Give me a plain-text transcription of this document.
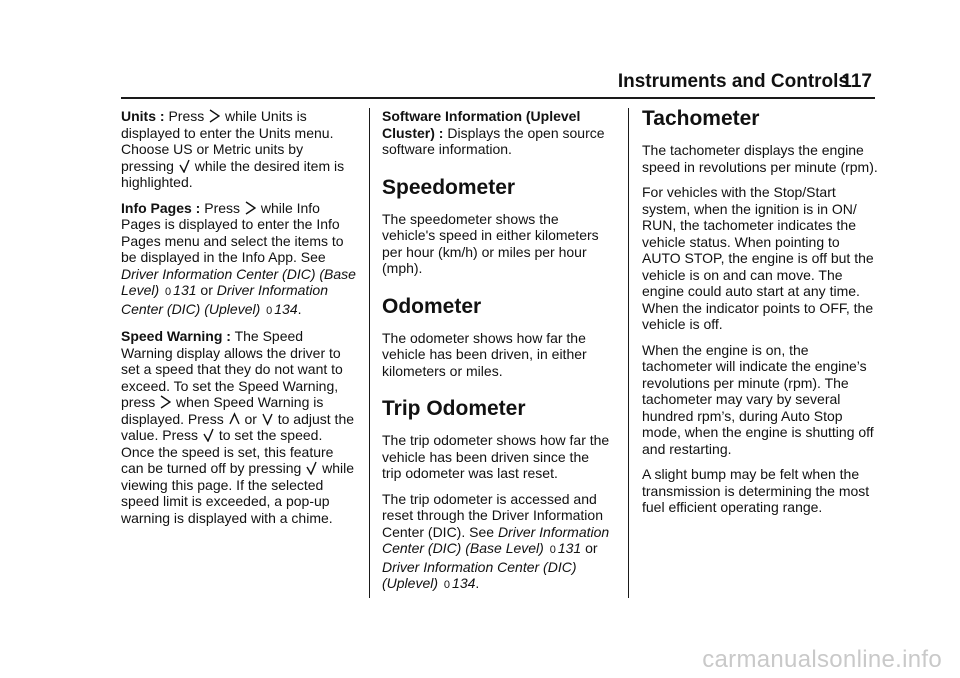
Instruments and Controls
117

Units : Press while Units is displayed to enter the Units menu. Choose US or Metric units by pressing while the desired item is highlighted.

Info Pages : Press while Info Pages is displayed to enter the Info Pages menu and select the items to be displayed in the Info App. See Driver Information Center (DIC) (Base Level) 0 131 or Driver Information Center (DIC) (Uplevel) 0 134.

Speed Warning : The Speed Warning display allows the driver to set a speed that they do not want to exceed. To set the Speed Warning, press when Speed Warning is displayed. Press or to adjust the value. Press to set the speed. Once the speed is set, this feature can be turned off by pressing while viewing this page. If the selected speed limit is exceeded, a pop-up warning is displayed with a chime.

Software Information (Uplevel Cluster) : Displays the open source software information.

Speedometer

The speedometer shows the vehicle's speed in either kilometers per hour (km/h) or miles per hour (mph).

Odometer

The odometer shows how far the vehicle has been driven, in either kilometers or miles.

Trip Odometer

The trip odometer shows how far the vehicle has been driven since the trip odometer was last reset.

The trip odometer is accessed and reset through the Driver Information Center (DIC). See Driver Information Center (DIC) (Base Level) 0 131 or Driver Information Center (DIC) (Uplevel) 0 134.

Tachometer

The tachometer displays the engine speed in revolutions per minute (rpm).

For vehicles with the Stop/Start system, when the ignition is in ON/ RUN, the tachometer indicates the vehicle status. When pointing to AUTO STOP, the engine is off but the vehicle is on and can move. The engine could auto start at any time. When the indicator points to OFF, the vehicle is off.

When the engine is on, the tachometer will indicate the engine’s revolutions per minute (rpm). The tachometer may vary by several hundred rpm’s, during Auto Stop mode, when the engine is shutting off and restarting.

A slight bump may be felt when the transmission is determining the most fuel efficient operating range.

carmanualsonline.info
